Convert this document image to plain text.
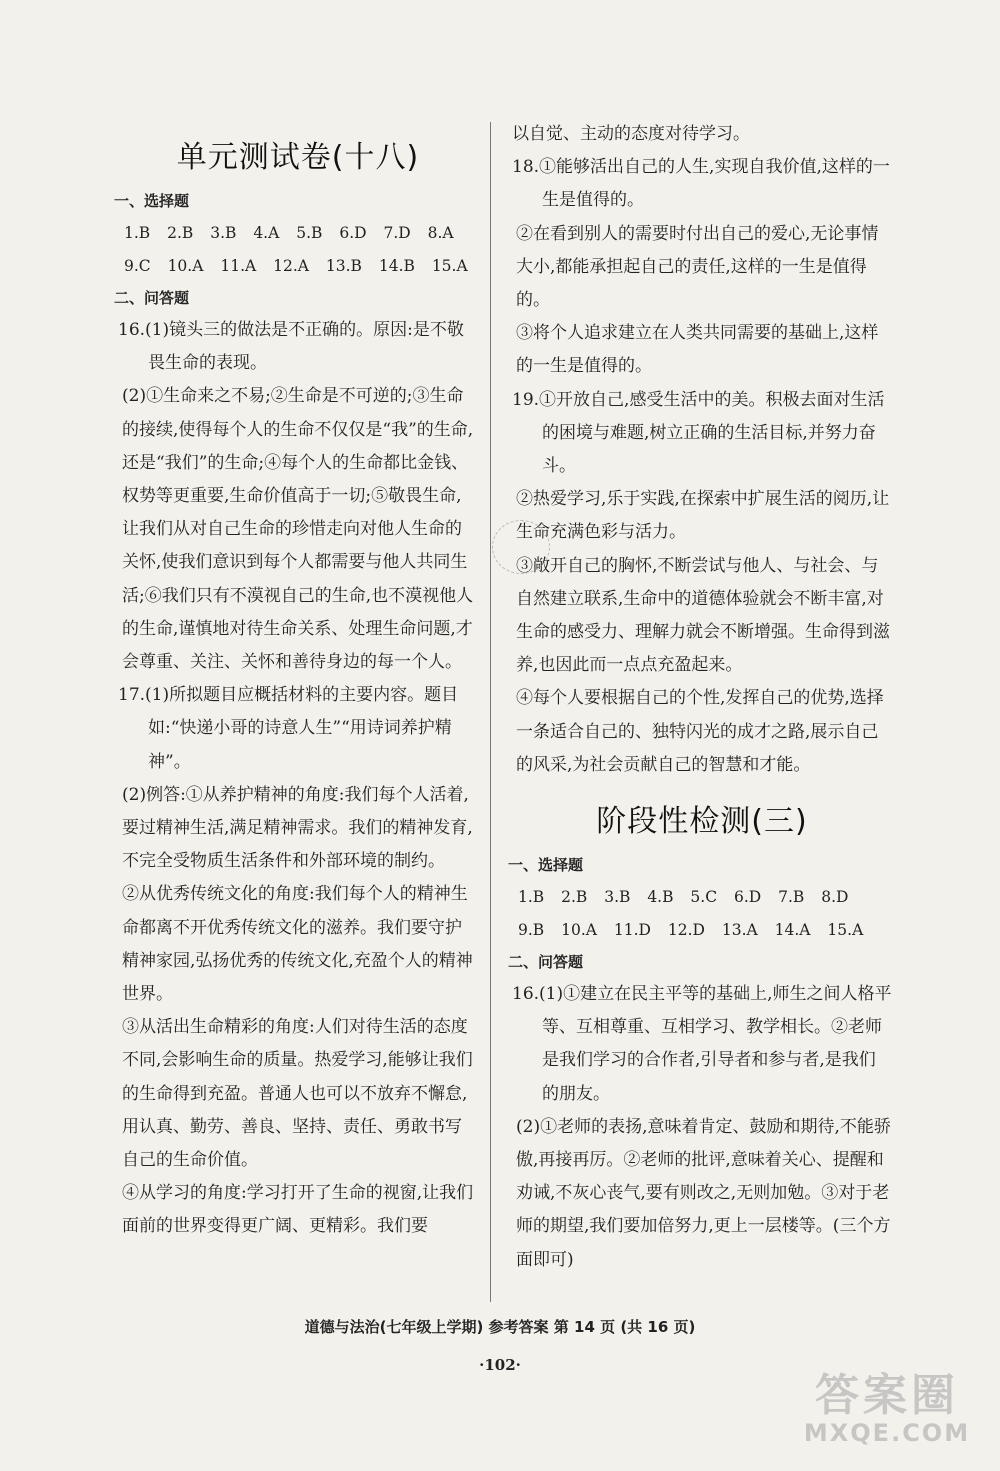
单元测试卷(十八)
一、选择题
1.B 2.B 3.B 4.A 5.B 6.D 7.D 8.A
9.C 10.A 11.A 12.A 13.B 14.B 15.A
二、问答题

16.(1)镜头三的做法是不正确的。原因:是不敬畏生命的表现。

(2)①生命来之不易;②生命是不可逆的;③生命的接续,使得每个人的生命不仅仅是“我”的生命,还是“我们”的生命;④每个人的生命都比金钱、权势等更重要,生命价值高于一切;⑤敬畏生命,让我们从对自己生命的珍惜走向对他人生命的关怀,使我们意识到每个人都需要与他人共同生活;⑥我们只有不漠视自己的生命,也不漠视他人的生命,谨慎地对待生命关系、处理生命问题,才会尊重、关注、关怀和善待身边的每一个人。

17.(1)所拟题目应概括材料的主要内容。题目如:“快递小哥的诗意人生”“用诗词养护精神”。

(2)例答:①从养护精神的角度:我们每个人活着,要过精神生活,满足精神需求。我们的精神发育,不完全受物质生活条件和外部环境的制约。

②从优秀传统文化的角度:我们每个人的精神生命都离不开优秀传统文化的滋养。我们要守护精神家园,弘扬优秀的传统文化,充盈个人的精神世界。

③从活出生命精彩的角度:人们对待生活的态度不同,会影响生命的质量。热爱学习,能够让我们的生命得到充盈。普通人也可以不放弃不懈怠,用认真、勤劳、善良、坚持、责任、勇敢书写自己的生命价值。

④从学习的角度:学习打开了生命的视窗,让我们面前的世界变得更广阔、更精彩。我们要

以自觉、主动的态度对待学习。

18.①能够活出自己的人生,实现自我价值,这样的一生是值得的。

②在看到别人的需要时付出自己的爱心,无论事情大小,都能承担起自己的责任,这样的一生是值得的。

③将个人追求建立在人类共同需要的基础上,这样的一生是值得的。

19.①开放自己,感受生活中的美。积极去面对生活的困境与难题,树立正确的生活目标,并努力奋斗。

②热爱学习,乐于实践,在探索中扩展生活的阅历,让生命充满色彩与活力。

③敞开自己的胸怀,不断尝试与他人、与社会、与自然建立联系,生命中的道德体验就会不断丰富,对生命的感受力、理解力就会不断增强。生命得到滋养,也因此而一点点充盈起来。

④每个人要根据自己的个性,发挥自己的优势,选择一条适合自己的、独特闪光的成才之路,展示自己的风采,为社会贡献自己的智慧和才能。

阶段性检测(三)
一、选择题
1.B 2.B 3.B 4.B 5.C 6.D 7.B 8.D
9.B 10.A 11.D 12.D 13.A 14.A 15.A
二、问答题

16.(1)①建立在民主平等的基础上,师生之间人格平等、互相尊重、互相学习、教学相长。②老师是我们学习的合作者,引导者和参与者,是我们的朋友。

(2)①老师的表扬,意味着肯定、鼓励和期待,不能骄傲,再接再厉。②老师的批评,意味着关心、提醒和劝诫,不灰心丧气,要有则改之,无则加勉。③对于老师的期望,我们要加倍努力,更上一层楼等。(三个方面即可)

道德与法治(七年级上学期) 参考答案 第 14 页 (共 16 页)
·102·
答案圈
MXQE.COM
